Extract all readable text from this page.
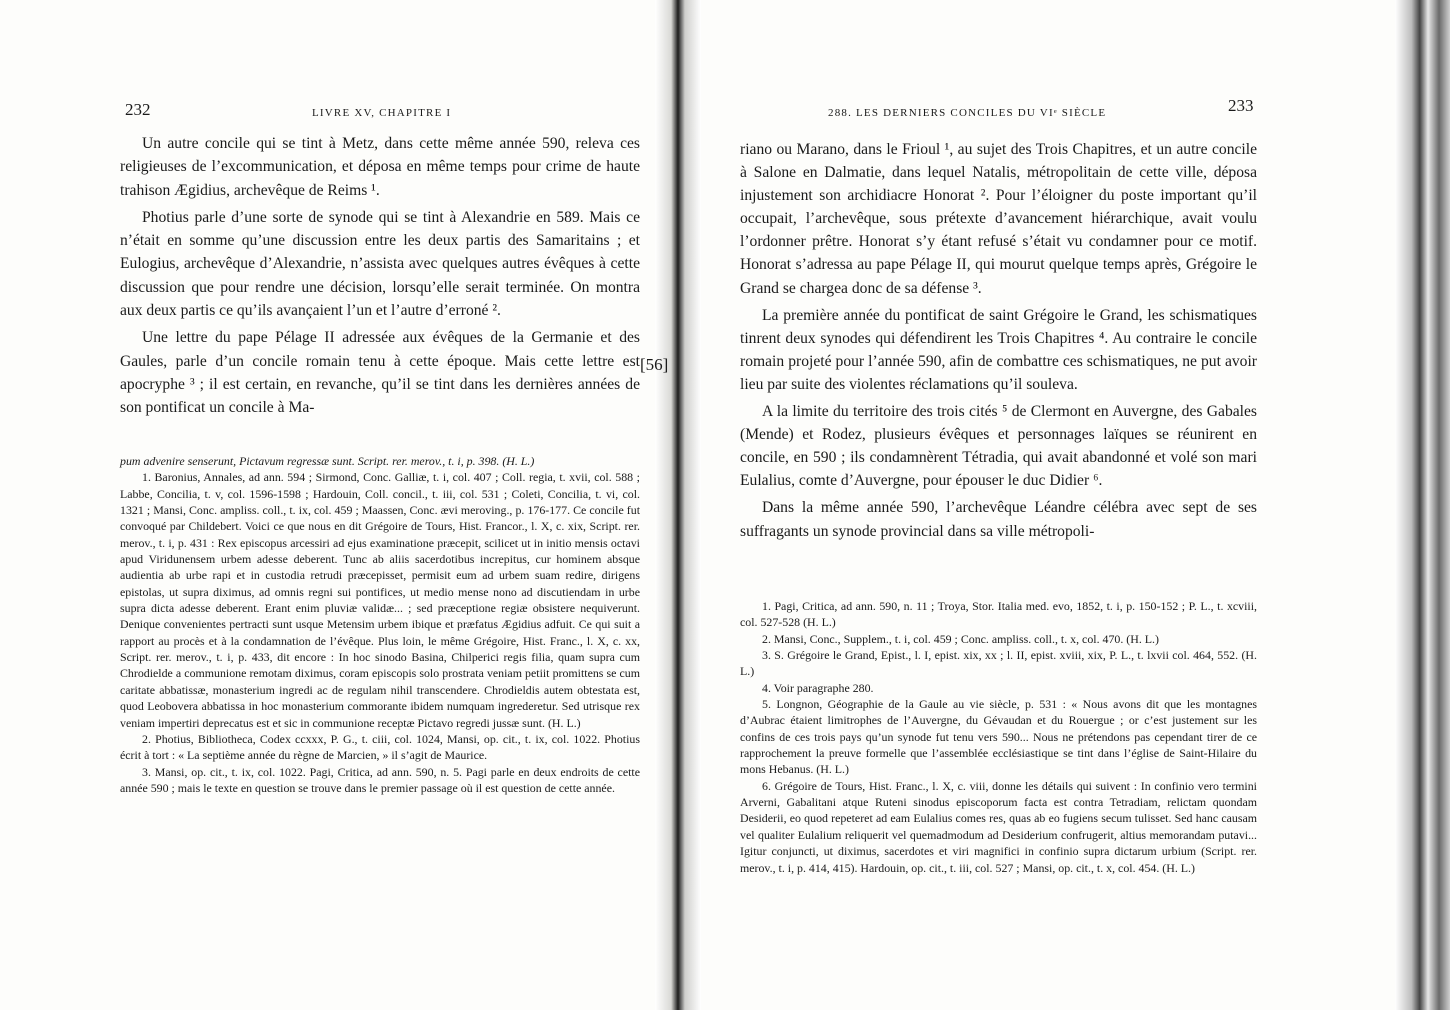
232	LIVRE XV, CHAPITRE I

Un autre concile qui se tint à Metz, dans cette même année 590, releva ces religieuses de l’excommunication, et déposa en même temps pour crime de haute trahison Ægidius, archevêque de Reims ¹.

Photius parle d’une sorte de synode qui se tint à Alexandrie en 589. Mais ce n’était en somme qu’une discussion entre les deux partis des Samaritains ; et Eulogius, archevêque d’Alexandrie, n’assista avec quelques autres évêques à cette discussion que pour rendre une décision, lorsqu’elle serait terminée. On montra aux deux partis ce qu’ils avançaient l’un et l’autre d’erroné ².

Une lettre du pape Pélage II adressée aux évêques de la Germanie et des Gaules, parle d’un concile romain tenu à cette époque. Mais cette lettre est apocryphe ³ ; il est certain, en revanche, qu’il se tint dans les dernières années de son pontificat un concile à Ma-

pum advenire senserunt, Pictavum regressæ sunt. Script. rer. merov., t. i, p. 398. (H. L.)

1. Baronius, Annales, ad ann. 594 ; Sirmond, Conc. Galliæ, t. i, col. 407 ; Coll. regia, t. xvii, col. 588 ; Labbe, Concilia, t. v, col. 1596-1598 ; Hardouin, Coll. concil., t. iii, col. 531 ; Coleti, Concilia, t. vi, col. 1321 ; Mansi, Conc. ampliss. coll., t. ix, col. 459 ; Maassen, Conc. ævi meroving., p. 176-177. Ce concile fut convoqué par Childebert. Voici ce que nous en dit Grégoire de Tours, Hist. Francor., l. X, c. xix, Script. rer. merov., t. i, p. 431 : Rex episcopus arcessiri ad ejus examinatione præcepit, scilicet ut in initio mensis octavi apud Viridunensem urbem adesse deberent. Tunc ab aliis sacerdotibus increpitus, cur hominem absque audientia ab urbe rapi et in custodia retrudi præcepisset, permisit eum ad urbem suam redire, dirigens epistolas, ut supra diximus, ad omnis regni sui pontifices, ut medio mense nono ad discutiendam in urbe supra dicta adesse deberent. Erant enim pluviæ validæ... ; sed præceptione regiæ obsistere nequiverunt. Denique convenientes pertracti sunt usque Metensim urbem ibique et præfatus Ægidius adfuit. Ce qui suit a rapport au procès et à la condamnation de l’évêque. Plus loin, le même Grégoire, Hist. Franc., l. X, c. xx, Script. rer. merov., t. i, p. 433, dit encore : In hoc sinodo Basina, Chilperici regis filia, quam supra cum Chrodielde a communione remotam diximus, coram episcopis solo prostrata veniam petiit promittens se cum caritate abbatissæ, monasterium ingredi ac de regulam nihil transcendere. Chrodieldis autem obtestata est, quod Leobovera abbatissa in hoc monasterium commorante ibidem numquam ingrederetur. Sed utrisque rex veniam impertiri deprecatus est et sic in communione receptæ Pictavo regredi jussæ sunt. (H. L.)

2. Photius, Bibliotheca, Codex ccxxx, P. G., t. ciii, col. 1024, Mansi, op. cit., t. ix, col. 1022. Photius écrit à tort : « La septième année du règne de Marcien, » il s’agit de Maurice.

3. Mansi, op. cit., t. ix, col. 1022. Pagi, Critica, ad ann. 590, n. 5. Pagi parle en deux endroits de cette année 590 ; mais le texte en question se trouve dans le premier passage où il est question de cette année.

[56]
233
288. LES DERNIERS CONCILES DU VIᵉ SIÈCLE

riano ou Marano, dans le Frioul ¹, au sujet des Trois Chapitres, et un autre concile à Salone en Dalmatie, dans lequel Natalis, métropolitain de cette ville, déposa injustement son archidiacre Honorat ². Pour l’éloigner du poste important qu’il occupait, l’archevêque, sous prétexte d’avancement hiérarchique, avait voulu l’ordonner prêtre. Honorat s’y étant refusé s’était vu condamner pour ce motif. Honorat s’adressa au pape Pélage II, qui mourut quelque temps après, Grégoire le Grand se chargea donc de sa défense ³.

La première année du pontificat de saint Grégoire le Grand, les schismatiques tinrent deux synodes qui défendirent les Trois Chapitres ⁴. Au contraire le concile romain projeté pour l’année 590, afin de combattre ces schismatiques, ne put avoir lieu par suite des violentes réclamations qu’il souleva.

A la limite du territoire des trois cités ⁵ de Clermont en Auvergne, des Gabales (Mende) et Rodez, plusieurs évêques et personnages laïques se réunirent en concile, en 590 ; ils condamnèrent Tétradia, qui avait abandonné et volé son mari Eulalius, comte d’Auvergne, pour épouser le duc Didier ⁶.

Dans la même année 590, l’archevêque Léandre célébra avec sept de ses suffragants un synode provincial dans sa ville métropoli-

1. Pagi, Critica, ad ann. 590, n. 11 ; Troya, Stor. Italia med. evo, 1852, t. i, p. 150-152 ; P. L., t. xcviii, col. 527-528 (H. L.)

2. Mansi, Conc., Supplem., t. i, col. 459 ; Conc. ampliss. coll., t. x, col. 470. (H. L.)

3. S. Grégoire le Grand, Epist., l. I, epist. xix, xx ; l. II, epist. xviii, xix, P. L., t. lxvii col. 464, 552. (H. L.)

4. Voir paragraphe 280.

5. Longnon, Géographie de la Gaule au vie siècle, p. 531 : « Nous avons dit que les montagnes d’Aubrac étaient limitrophes de l’Auvergne, du Gévaudan et du Rouergue ; or c’est justement sur les confins de ces trois pays qu’un synode fut tenu vers 590... Nous ne prétendons pas cependant tirer de ce rapprochement la preuve formelle que l’assemblée ecclésiastique se tint dans l’église de Saint-Hilaire du mons Hebanus. (H. L.)

6. Grégoire de Tours, Hist. Franc., l. X, c. viii, donne les détails qui suivent : In confinio vero termini Arverni, Gabalitani atque Ruteni sinodus episcoporum facta est contra Tetradiam, relictam quondam Desiderii, eo quod repeteret ad eam Eulalius comes res, quas ab eo fugiens secum tulisset. Sed hanc causam vel qualiter Eulalium reliquerit vel quemadmodum ad Desiderium confrugerit, altius memorandam putavi... Igitur conjuncti, ut diximus, sacerdotes et viri magnifici in confinio supra dictarum urbium (Script. rer. merov., t. i, p. 414, 415). Hardouin, op. cit., t. iii, col. 527 ; Mansi, op. cit., t. x, col. 454. (H. L.)
